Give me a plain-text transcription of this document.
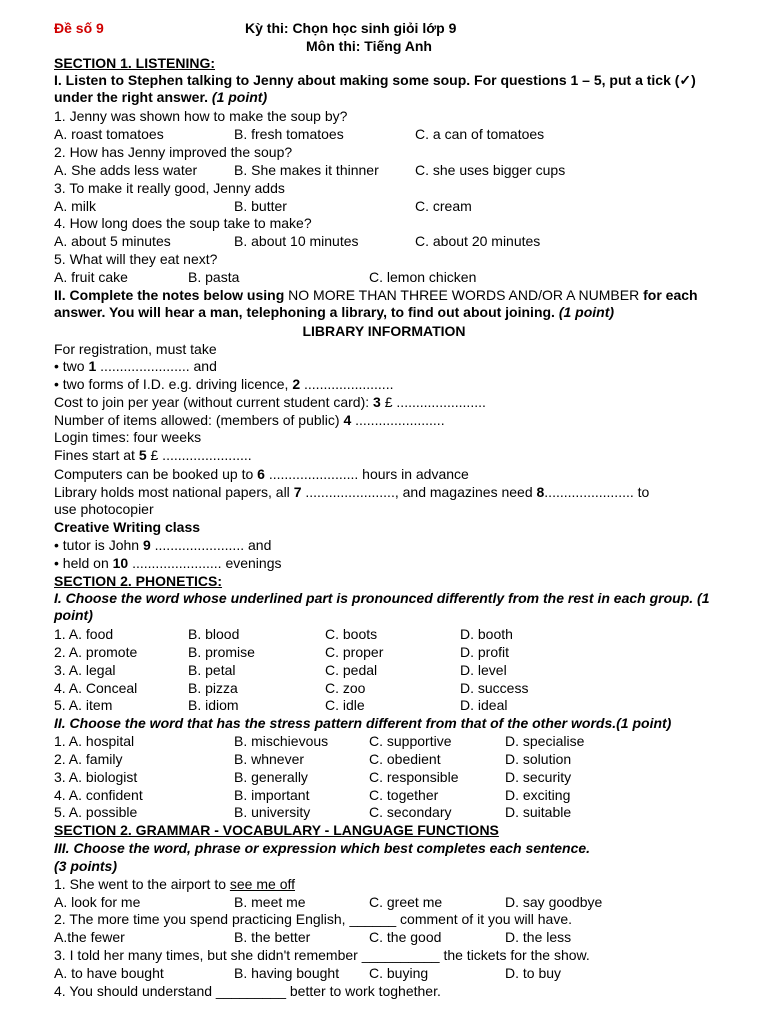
Đề số 9	Kỳ thi: Chọn học sinh giỏi lớp 9
Môn thi: Tiếng Anh
SECTION 1. LISTENING:
I. Listen to Stephen talking to Jenny about making some soup. For questions 1 – 5, put a tick (✓) under the right answer. (1 point)
1. Jenny was shown how to make the soup by?
A. roast tomatoes	B. fresh tomatoes	C. a can of tomatoes
2. How has Jenny improved the soup?
A. She adds less water	B. She makes it thinner	C. she uses bigger cups
3. To make it really good, Jenny adds
A. milk	B. butter	C. cream
4. How long does the soup take to make?
A. about 5 minutes	B. about 10 minutes	C. about 20 minutes
5. What will they eat next?
A. fruit cake	B. pasta	C. lemon chicken
II. Complete the notes below using NO MORE THAN THREE WORDS AND/OR A NUMBER for each answer. You will hear a man, telephoning a library, to find out about joining. (1 point)
LIBRARY INFORMATION
For registration, must take
• two 1 ....................... and
• two forms of I.D. e.g. driving licence, 2 .......................
Cost to join per year (without current student card): 3 £ .......................
Number of items allowed: (members of public) 4 .......................
Login times: four weeks
Fines start at 5 £ .......................
Computers can be booked up to 6 ....................... hours in advance
Library holds most national papers, all 7 ......................., and magazines need 8....................... to
use photocopier
Creative Writing class
• tutor is John 9 ....................... and
• held on 10 ....................... evenings
SECTION 2. PHONETICS:
I. Choose the word whose underlined part is pronounced differently from the rest in each group. (1 point)
1. A. food	B. blood	C. boots	D. booth
2. A. promote	B. promise	C. proper	D. profit
3. A. legal	B. petal	C. pedal	D. level
4. A. Conceal	B. pizza	C. zoo	D. success
5. A. item	B. idiom	C. idle	D. ideal
II. Choose the word that has the stress pattern different from that of the other words.(1 point)
1. A. hospital	B. mischievous	C. supportive	D. specialise
2. A. family	B. whnever	C. obedient	D. solution
3. A. biologist	B. generally	C. responsible	D. security
4. A. confident	B. important	C. together	D. exciting
5. A. possible	B. university	C. secondary	D. suitable
SECTION 2. GRAMMAR - VOCABULARY - LANGUAGE FUNCTIONS
III. Choose the word, phrase or expression which best completes each sentence.
(3 points)
1. She went to the airport to see me off
A. look for me	B. meet me	C. greet me	D. say goodbye
2. The more time you spend practicing English, ______ comment of it you will have.
A.the fewer	B. the better	C. the good	D. the less
3. I told her many times, but she didn't remember __________ the tickets for the show.
A. to have bought	B. having bought C. buying	D. to buy
4. You should understand _________ better to work toghether.
